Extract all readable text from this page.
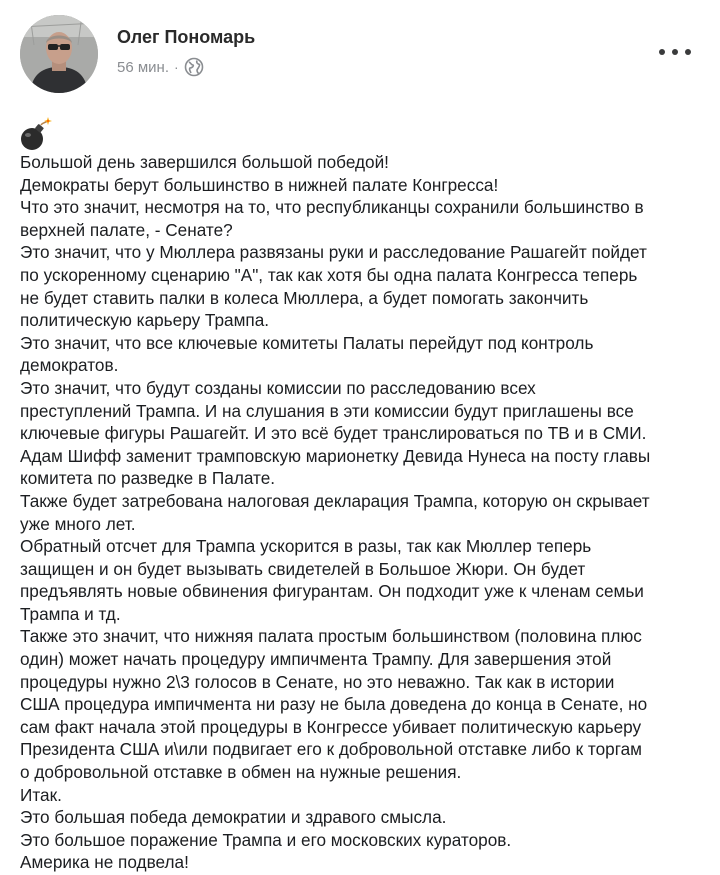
Олег Пономарь
56 мин. ·
Большой день завершился большой победой!
Демократы берут большинство в нижней палате Конгресса!
Что это значит, несмотря на то, что республиканцы сохранили большинство в
верхней палате, - Сенате?
Это значит, что у Мюллера развязаны руки и расследование Рашагейт пойдет
по ускоренному сценарию "А", так как хотя бы одна палата Конгресса теперь
не будет ставить палки в колеса Мюллера, а будет помогать закончить
политическую карьеру Трампа.
Это значит, что все ключевые комитеты Палаты перейдут под контроль
демократов.
Это значит, что будут созданы комиссии по расследованию всех
преступлений Трампа. И на слушания в эти комиссии будут приглашены все
ключевые фигуры Рашагейт. И это всё будет транслироваться по ТВ и в СМИ.
Адам Шифф заменит трамповскую марионетку Девида Нунеса на посту главы
комитета по разведке в Палате.
Также будет затребована налоговая декларация Трампа, которую он скрывает
уже много лет.
Обратный отсчет для Трампа ускорится в разы, так как Мюллер теперь
защищен и он будет вызывать свидетелей в Большое Жюри. Он будет
предъявлять новые обвинения фигурантам. Он подходит уже к членам семьи
Трампа и тд.
Также это значит, что нижняя палата простым большинством (половина плюс
один) может начать процедуру импичмента Трампу. Для завершения этой
процедуры нужно 2\3 голосов в Сенате, но это неважно. Так как в истории
США процедура импичмента ни разу не была доведена до конца в Сенате, но
сам факт начала этой процедуры в Конгрессе убивает политическую карьеру
Президента США и\или подвигает его к добровольной отставке либо к торгам
о добровольной отставке в обмен на нужные решения.
Итак.
Это большая победа демократии и здравого смысла.
Это большое поражение Трампа и его московских кураторов.
Америка не подвела!
